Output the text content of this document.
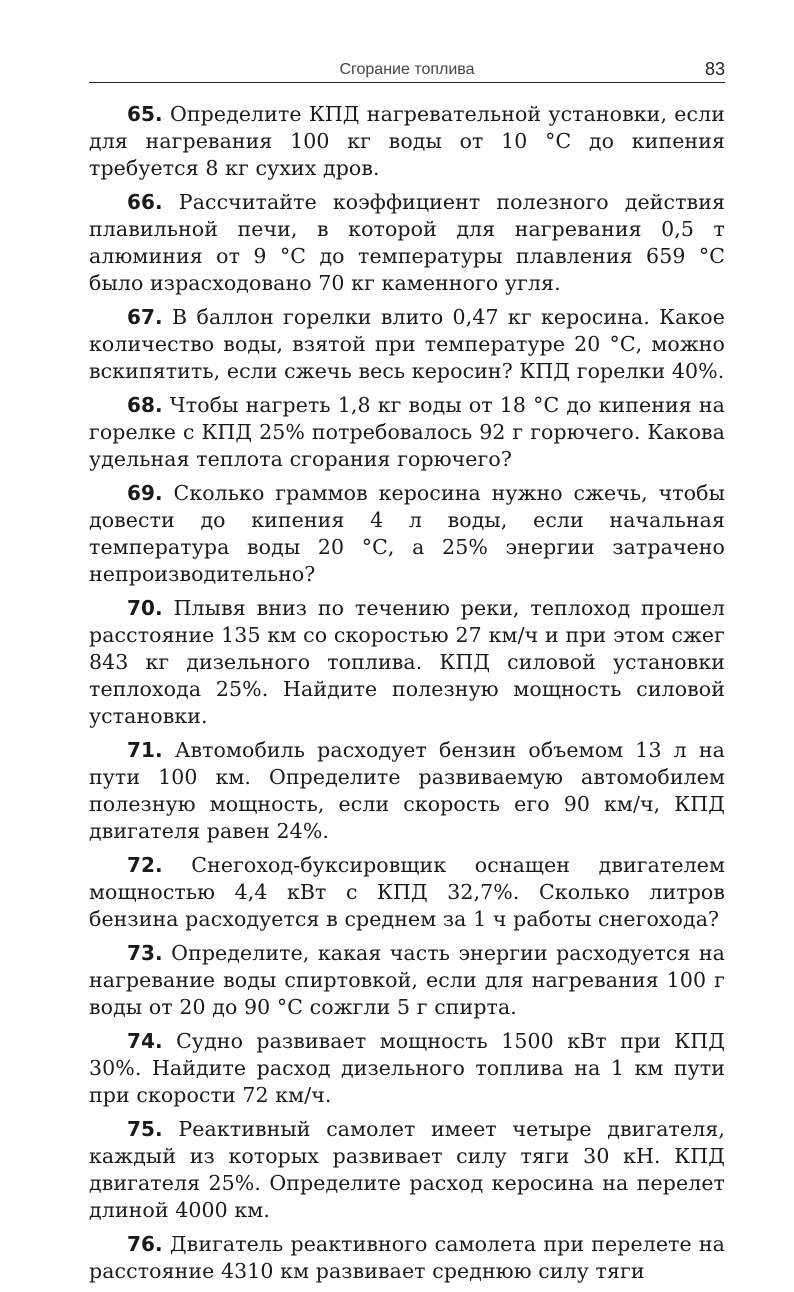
Сгорание топлива	83

65. Определите КПД нагревательной установки, если для нагревания 100 кг воды от 10 °С до кипения требуется 8 кг сухих дров.

66. Рассчитайте коэффициент полезного действия плавильной печи, в которой для нагревания 0,5 т алюминия от 9 °С до температуры плавления 659 °С было израсходовано 70 кг каменного угля.

67. В баллон горелки влито 0,47 кг керосина. Какое количество воды, взятой при температуре 20 °С, можно вскипятить, если сжечь весь керосин? КПД горелки 40%.

68. Чтобы нагреть 1,8 кг воды от 18 °С до кипения на горелке с КПД 25% потребовалось 92 г горючего. Какова удельная теплота сгорания горючего?

69. Сколько граммов керосина нужно сжечь, чтобы довести до кипения 4 л воды, если начальная температура воды 20 °С, а 25% энергии затрачено непроизводительно?

70. Плывя вниз по течению реки, теплоход прошел расстояние 135 км со скоростью 27 км/ч и при этом сжег 843 кг дизельного топлива. КПД силовой установки теплохода 25%. Найдите полезную мощность силовой установки.

71. Автомобиль расходует бензин объемом 13 л на пути 100 км. Определите развиваемую автомобилем полезную мощность, если скорость его 90 км/ч, КПД двигателя равен 24%.

72. Снегоход-буксировщик оснащен двигателем мощностью 4,4 кВт с КПД 32,7%. Сколько литров бензина расходуется в среднем за 1 ч работы снегохода?

73. Определите, какая часть энергии расходуется на нагревание воды спиртовкой, если для нагревания 100 г воды от 20 до 90 °С сожгли 5 г спирта.

74. Судно развивает мощность 1500 кВт при КПД 30%. Найдите расход дизельного топлива на 1 км пути при скорости 72 км/ч.

75. Реактивный самолет имеет четыре двигателя, каждый из которых развивает силу тяги 30 кН. КПД двигателя 25%. Определите расход керосина на перелет длиной 4000 км.

76. Двигатель реактивного самолета при перелете на расстояние 4310 км развивает среднюю силу тяги
